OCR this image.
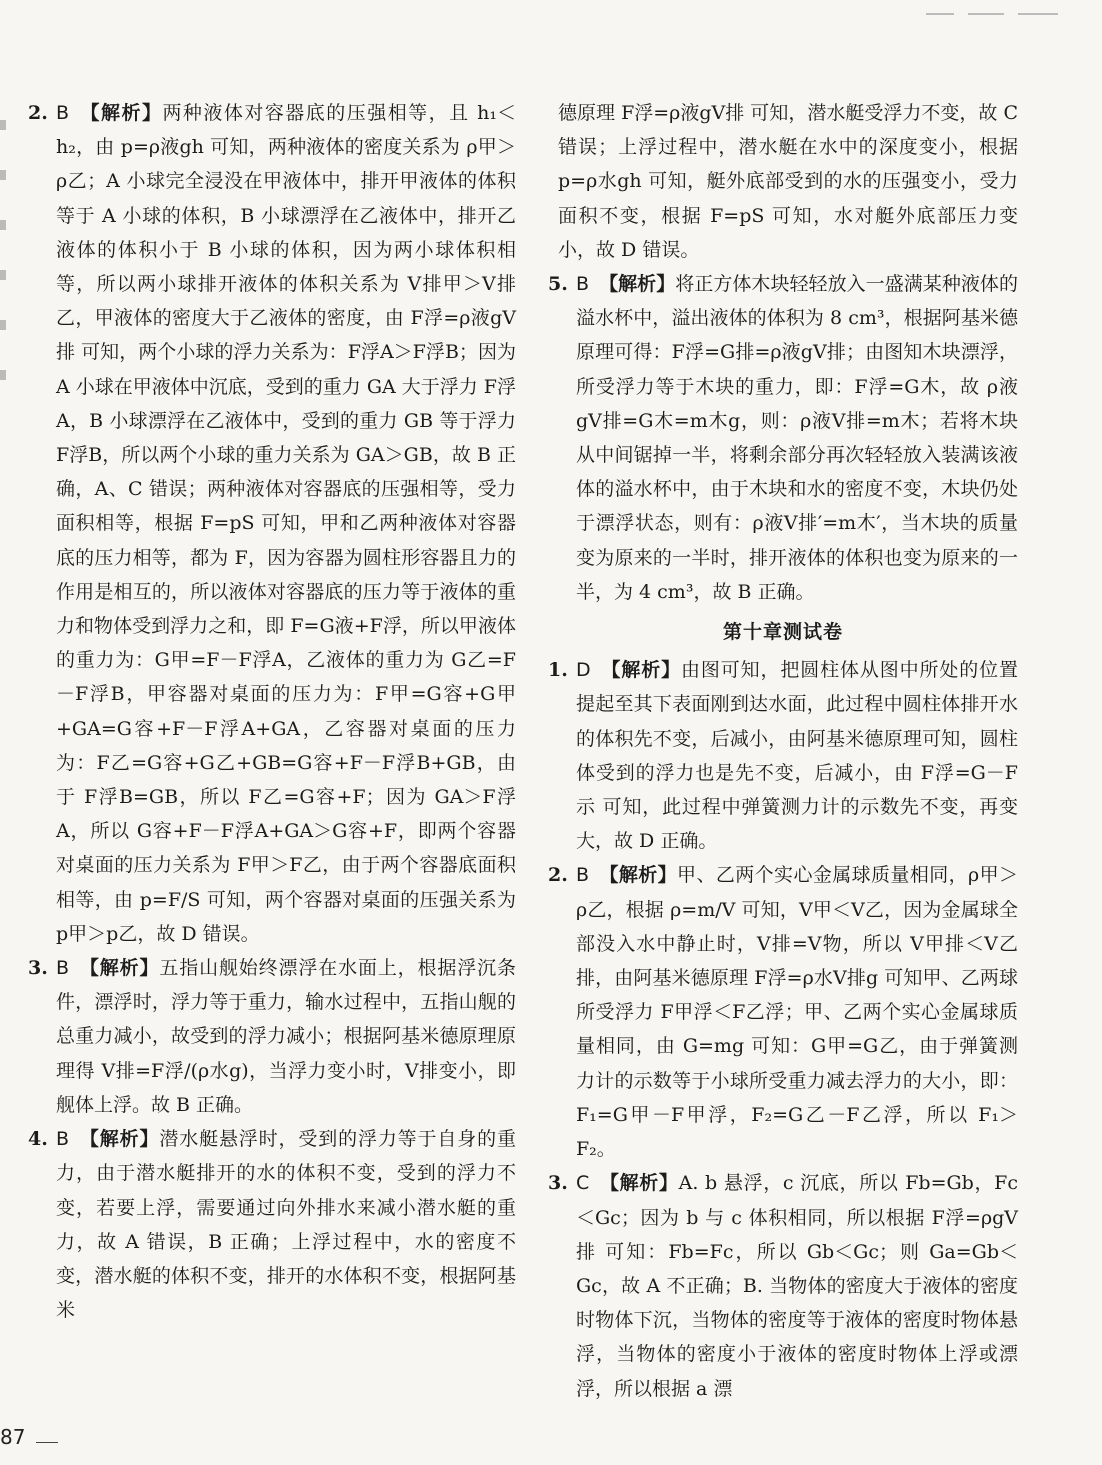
2. B 【解析】两种液体对容器底的压强相等，且 h₁＜h₂，由 p=ρ液gh 可知，两种液体的密度关系为 ρ甲＞ρ乙；A 小球完全浸没在甲液体中，排开甲液体的体积等于 A 小球的体积，B 小球漂浮在乙液体中，排开乙液体的体积小于 B 小球的体积，因为两小球体积相等，所以两小球排开液体的体积关系为 V排甲＞V排乙，甲液体的密度大于乙液体的密度，由 F浮=ρ液gV排 可知，两个小球的浮力关系为：F浮A＞F浮B；因为 A 小球在甲液体中沉底，受到的重力 GA 大于浮力 F浮A，B 小球漂浮在乙液体中，受到的重力 GB 等于浮力 F浮B，所以两个小球的重力关系为 GA＞GB，故 B 正确，A、C 错误；两种液体对容器底的压强相等，受力面积相等，根据 F=pS 可知，甲和乙两种液体对容器底的压力相等，都为 F，因为容器为圆柱形容器且力的作用是相互的，所以液体对容器底的压力等于液体的重力和物体受到浮力之和，即 F=G液+F浮，所以甲液体的重力为：G甲=F－F浮A，乙液体的重力为 G乙=F－F浮B，甲容器对桌面的压力为：F甲=G容+G甲+GA=G容+F－F浮A+GA，乙容器对桌面的压力为：F乙=G容+G乙+GB=G容+F－F浮B+GB，由于 F浮B=GB，所以 F乙=G容+F；因为 GA＞F浮A，所以 G容+F－F浮A+GA＞G容+F，即两个容器对桌面的压力关系为 F甲＞F乙，由于两个容器底面积相等，由 p=F/S 可知，两个容器对桌面的压强关系为 p甲＞p乙，故 D 错误。

3. B 【解析】五指山舰始终漂浮在水面上，根据浮沉条件，漂浮时，浮力等于重力，输水过程中，五指山舰的总重力减小，故受到的浮力减小；根据阿基米德原理原理得 V排=F浮/(ρ水g)，当浮力变小时，V排变小，即舰体上浮。故 B 正确。

4. B 【解析】潜水艇悬浮时，受到的浮力等于自身的重力，由于潜水艇排开的水的体积不变，受到的浮力不变，若要上浮，需要通过向外排水来减小潜水艇的重力，故 A 错误，B 正确；上浮过程中，水的密度不变，潜水艇的体积不变，排开的水体积不变，根据阿基米

德原理 F浮=ρ液gV排 可知，潜水艇受浮力不变，故 C 错误；上浮过程中，潜水艇在水中的深度变小，根据 p=ρ水gh 可知，艇外底部受到的水的压强变小，受力面积不变，根据 F=pS 可知，水对艇外底部压力变小，故 D 错误。

5. B 【解析】将正方体木块轻轻放入一盛满某种液体的溢水杯中，溢出液体的体积为 8 cm³，根据阿基米德原理可得：F浮=G排=ρ液gV排；由图知木块漂浮，所受浮力等于木块的重力，即：F浮=G木，故 ρ液gV排=G木=m木g，则：ρ液V排=m木；若将木块从中间锯掉一半，将剩余部分再次轻轻放入装满该液体的溢水杯中，由于木块和水的密度不变，木块仍处于漂浮状态，则有：ρ液V排′=m木′，当木块的质量变为原来的一半时，排开液体的体积也变为原来的一半，为 4 cm³，故 B 正确。

第十章测试卷

1. D 【解析】由图可知，把圆柱体从图中所处的位置提起至其下表面刚到达水面，此过程中圆柱体排开水的体积先不变，后减小，由阿基米德原理可知，圆柱体受到的浮力也是先不变，后减小，由 F浮=G－F示 可知，此过程中弹簧测力计的示数先不变，再变大，故 D 正确。

2. B 【解析】甲、乙两个实心金属球质量相同，ρ甲＞ρ乙，根据 ρ=m/V 可知，V甲＜V乙，因为金属球全部没入水中静止时，V排=V物，所以 V甲排＜V乙排，由阿基米德原理 F浮=ρ水V排g 可知甲、乙两球所受浮力 F甲浮＜F乙浮；甲、乙两个实心金属球质量相同，由 G=mg 可知：G甲=G乙，由于弹簧测力计的示数等于小球所受重力减去浮力的大小，即：F₁=G甲－F甲浮，F₂=G乙－F乙浮，所以 F₁＞F₂。

3. C 【解析】A. b 悬浮，c 沉底，所以 Fb=Gb，Fc＜Gc；因为 b 与 c 体积相同，所以根据 F浮=ρgV排 可知：Fb=Fc，所以 Gb＜Gc；则 Ga=Gb＜Gc，故 A 不正确；B. 当物体的密度大于液体的密度时物体下沉，当物体的密度等于液体的密度时物体悬浮，当物体的密度小于液体的密度时物体上浮或漂浮，所以根据 a 漂

87
